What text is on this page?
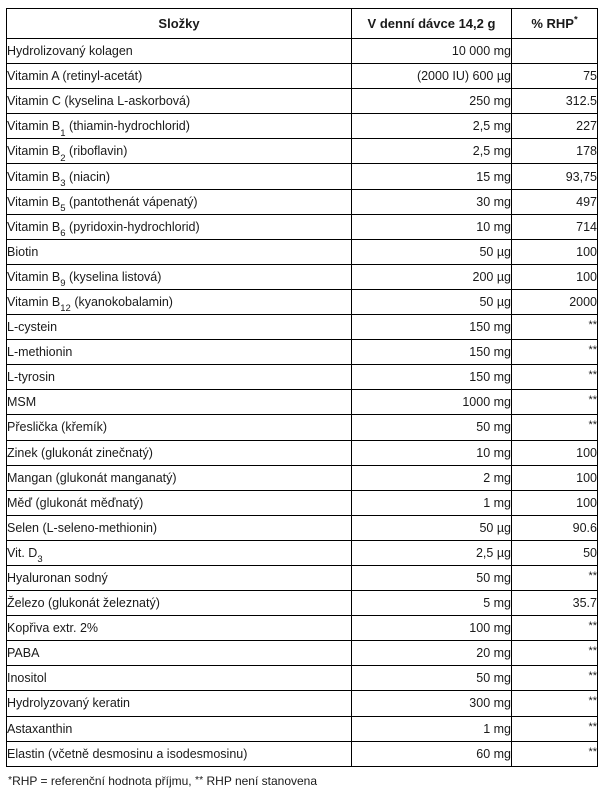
Složky	V denní dávce 14,2 g	% RHP*
Hydrolizovaný kolagen	10 000 mg	
Vitamin A (retinyl-acetát)	(2000 IU) 600 µg	75
Vitamin C (kyselina L-askorbová)	250 mg	312.5
Vitamin $B_1$ (thiamin-hydrochlorid)	2,5 mg	227
Vitamin $B_2$ (riboflavin)	2,5 mg	178
Vitamin $B_3$ (niacin)	15 mg	93,75
Vitamin $B_5$ (pantothenát vápenatý)	30 mg	497
Vitamin $B_6$ (pyridoxin-hydrochlorid)	10 mg	714
Biotin	50 µg	100
Vitamin $B_9$ (kyselina listová)	200 µg	100
Vitamin $B_{12}$ (kyanokobalamin)	50 µg	2000
L-cystein	150 mg	**
L-methionin	150 mg	**
L-tyrosin	150 mg	**
MSM	1000 mg	**
Přeslička (křemík)	50 mg	**
Zinek (glukonát zinečnatý)	10 mg	100
Mangan (glukonát manganatý)	2 mg	100
Měď (glukonát měďnatý)	1 mg	100
Selen (L-seleno-methionin)	50 µg	90.6
Vit. $D_3$	2,5 µg	50
Hyaluronan sodný	50 mg	**
Železo (glukonát železnatý)	5 mg	35.7
Kopřiva extr. 2%	100 mg	**
PABA	20 mg	**
Inositol	50 mg	**
Hydrolyzovaný keratin	300 mg	**
Astaxanthin	1 mg	**
Elastin (včetně desmosinu a isodesmosinu)	60 mg	**
*RHP = referenční hodnota příjmu, ** RHP není stanovena
